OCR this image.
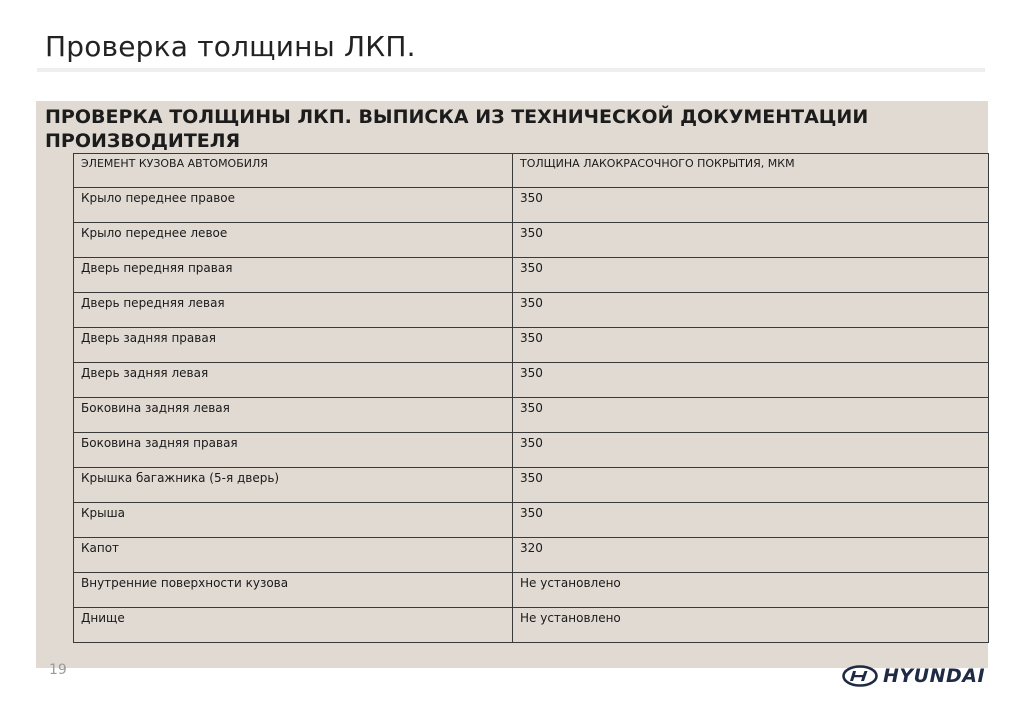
Проверка толщины ЛКП.
ПРОВЕРКА ТОЛЩИНЫ ЛКП. ВЫПИСКА ИЗ ТЕХНИЧЕСКОЙ ДОКУМЕНТАЦИИ ПРОИЗВОДИТЕЛЯ
ЭЛЕМЕНТ КУЗОВА АВТОМОБИЛЯ	ТОЛЩИНА ЛАКОКРАСОЧНОГО ПОКРЫТИЯ, МКМ
Крыло переднее правое	350
Крыло переднее левое	350
Дверь передняя правая	350
Дверь передняя левая	350
Дверь задняя правая	350
Дверь задняя левая	350
Боковина задняя левая	350
Боковина задняя правая	350
Крышка багажника (5-я дверь)	350
Крыша	350
Капот	320
Внутренние поверхности кузова	Не установлено
Днище	Не установлено
19	HYUNDAI
